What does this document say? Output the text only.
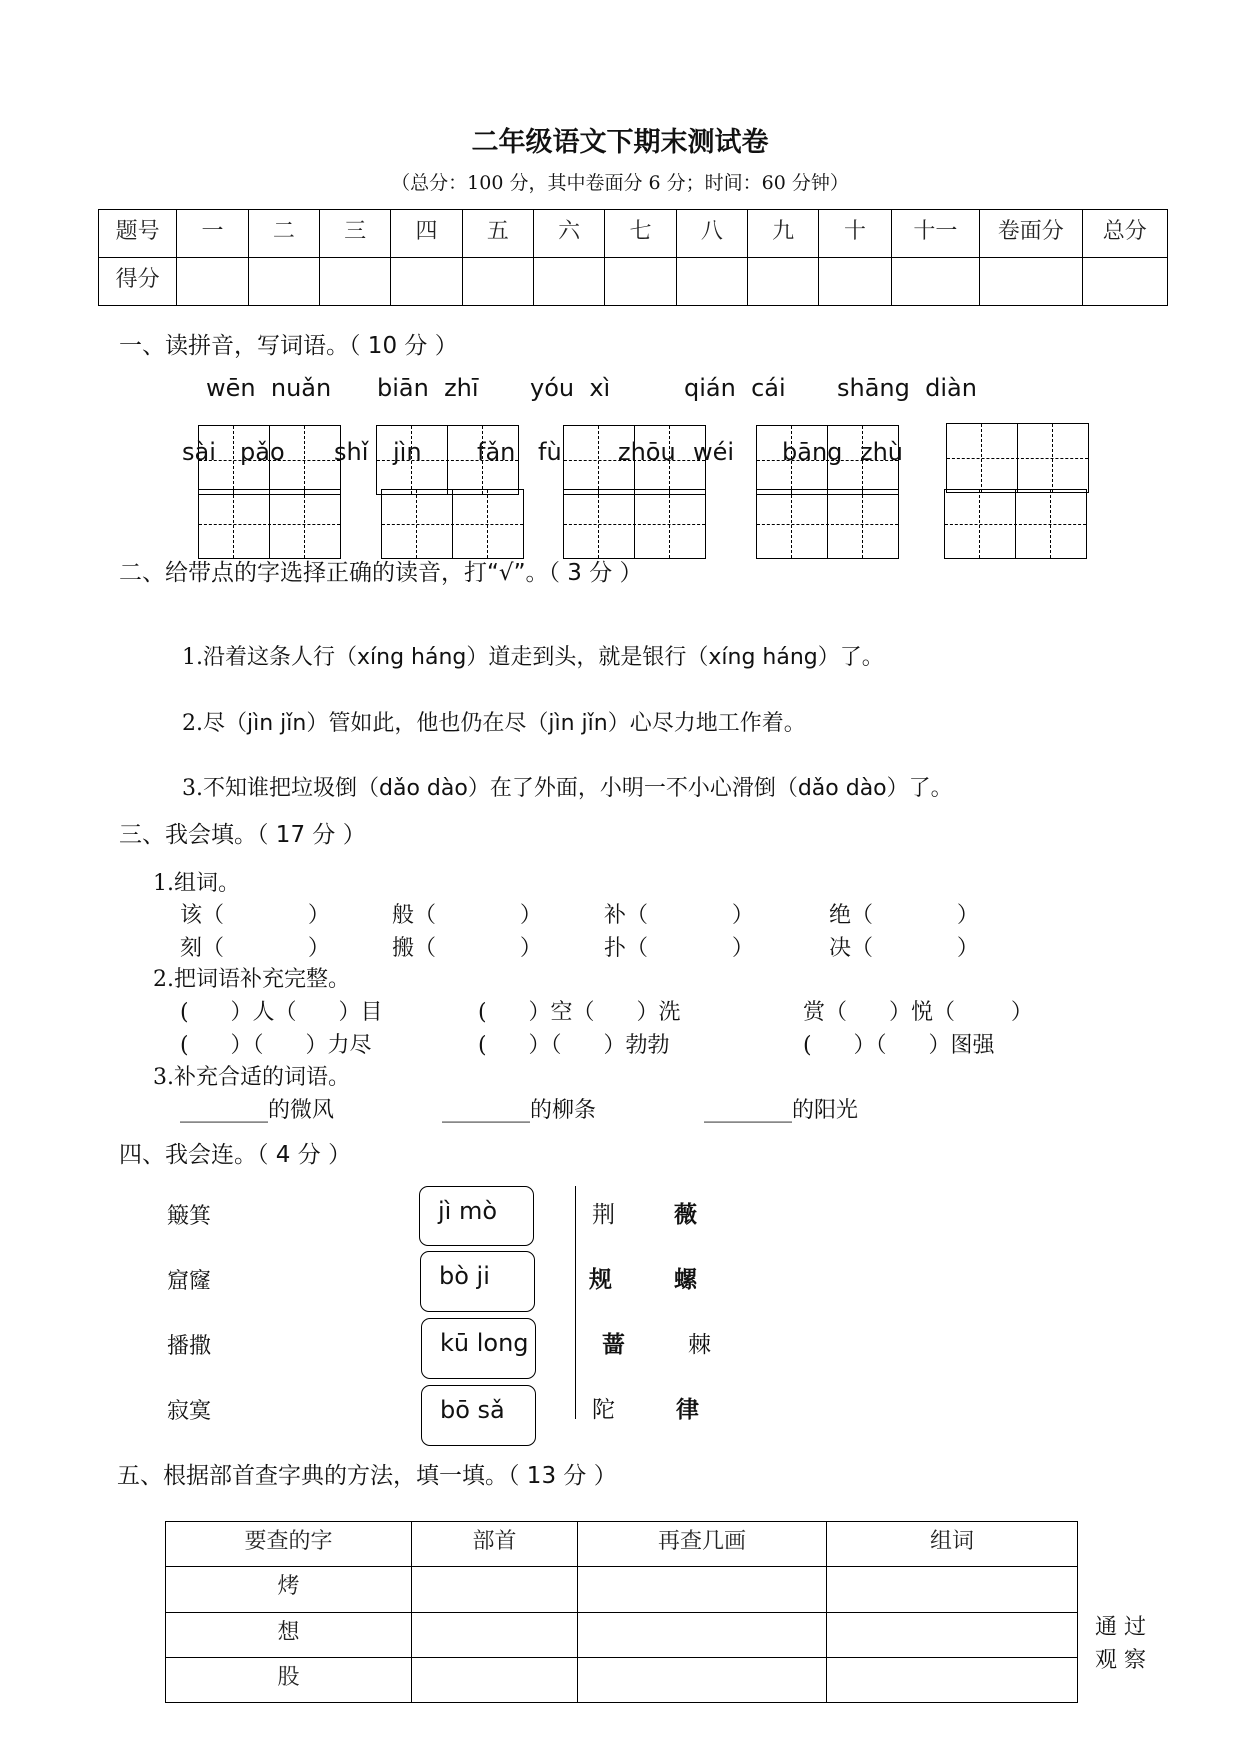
二年级语文下期末测试卷
（总分：100 分，其中卷面分 6 分；时间：60 分钟）
题号	一	二	三	四	五	六	七	八	九	十	十一	卷面分	总分
得分													
一、读拼音，写词语。（ 10 分 ）
wēn  nuǎn biān  zhī yóu  xì	qián  cái shāng  diàn
sài pǎo shǐ jìn fǎn fù zhōu wéi bāng zhù
二、给带点的字选择正确的读音，打“√”。（ 3 分 ）

1.沿着这条人行（xíng háng）道走到头，就是银行（xíng háng）了。

2.尽（jìn jǐn）管如此，他也仍在尽（jìn jǐn）心尽力地工作着。

3.不知谁把垃圾倒（dǎo dào）在了外面，小明一不小心滑倒（dǎo dào）了。

三、我会填。（ 17 分 ）
1.组词。
该（            ）	般（            ）	补（            ）	绝（            ）
刻（            ）	搬（            ）	扑（            ）	决（            ）
2.把词语补充完整。
(      ）人（      ）目	(      ）空（      ）洗	赏（      ）悦（        ）
(      ）（      ）力尽	(      ）（      ）勃勃	(      ）（      ）图强
3.补充合适的词语。
________的微风	________的柳条	________的阳光
四、我会连。（ 4 分 ）
簸箕
窟窿
播撒
寂寞
jì mò
bò ji
kū long
bō sǎ
荆
规
蔷
陀
薇
螺
棘
律
五、根据部首查字典的方法，填一填。（ 13 分 ）
要查的字	部首	再查几画	组词
烤			
想			
股			
通 过
观 察
